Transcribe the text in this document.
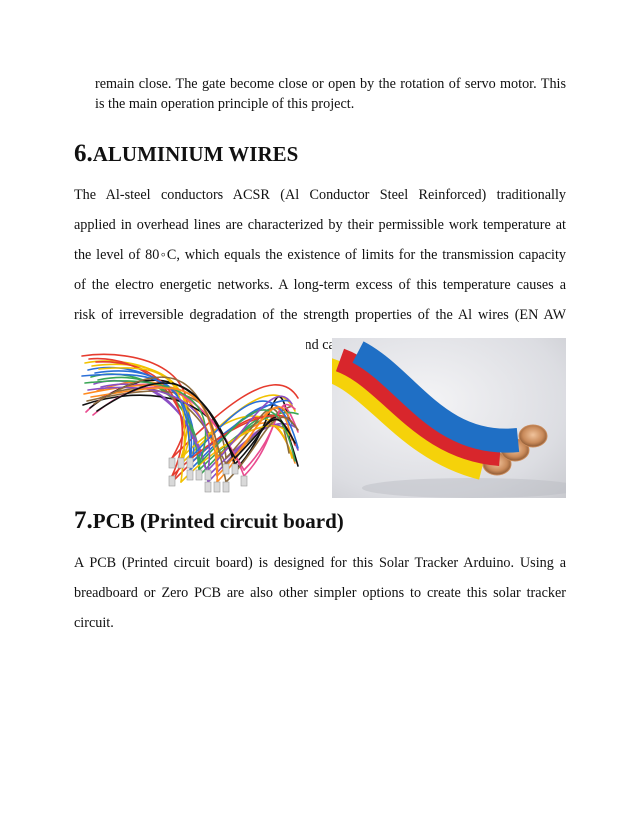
remain close. The gate become close or open by the rotation of servo motor. This
is the main operation principle of this project.

6.ALUMINIUM WIRES

The Al-steel conductors ACSR (Al Conductor Steel Reinforced) traditionally
applied in overhead lines are characterized by their permissible work temperature at
the level of 80◦C, which equals the existence of limits for the transmission capacity
of the electro energetic networks. A long-term excess of this temperature causes a
risk of irreversible degradation of the strength properties of the Al wires (EN AW
and

7.PCB (Printed circuit board)

A PCB (Printed circuit board) is designed for this Solar Tracker Arduino. Using a
breadboard or Zero PCB are also other simpler options to create this solar tracker
circuit.
